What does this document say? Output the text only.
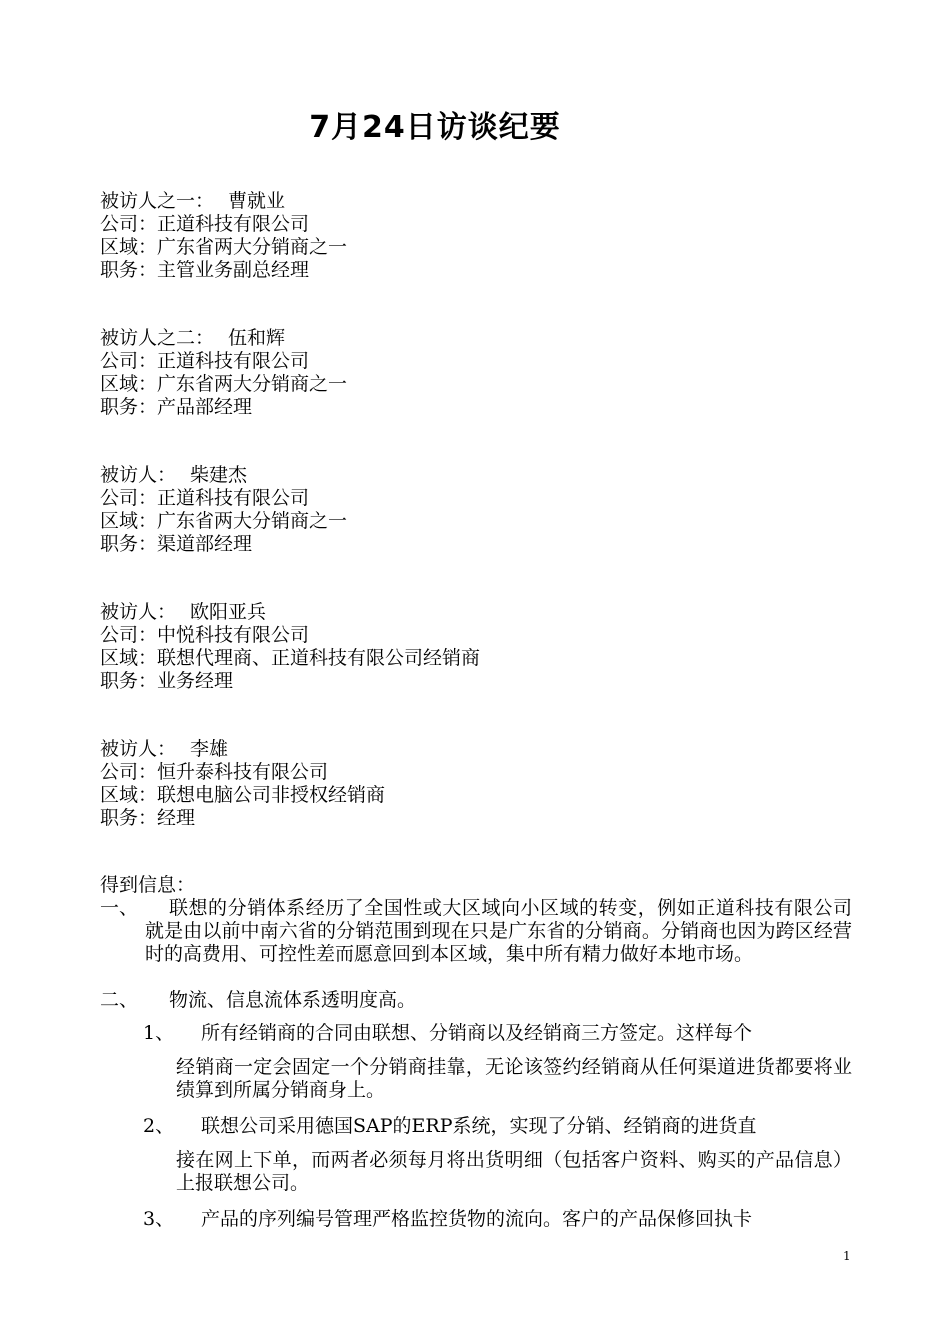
7月24日访谈纪要
被访人之一： 曹就业
公司：正道科技有限公司
区域：广东省两大分销商之一
职务：主管业务副总经理
被访人之二： 伍和辉
公司：正道科技有限公司
区域：广东省两大分销商之一
职务：产品部经理
被访人： 柴建杰
公司：正道科技有限公司
区域：广东省两大分销商之一
职务：渠道部经理
被访人： 欧阳亚兵
公司：中悦科技有限公司
区域：联想代理商、正道科技有限公司经销商
职务：业务经理
被访人： 李雄
公司：恒升泰科技有限公司
区域：联想电脑公司非授权经销商
职务：经理
得到信息：
一、	联想的分销体系经历了全国性或大区域向小区域的转变，例如正道科技有限公司就是由以前中南六省的分销范围到现在只是广东省的分销商。分销商也因为跨区经营时的高费用、可控性差而愿意回到本区域，集中所有精力做好本地市场。
二、	物流、信息流体系透明度高。
1、	所有经销商的合同由联想、分销商以及经销商三方签定。这样每个
经销商一定会固定一个分销商挂靠，无论该签约经销商从任何渠道进货都要将业绩算到所属分销商身上。
2、	联想公司采用德国SAP的ERP系统，实现了分销、经销商的进货直
接在网上下单，而两者必须每月将出货明细（包括客户资料、购买的产品信息）上报联想公司。
3、	产品的序列编号管理严格监控货物的流向。客户的产品保修回执卡
1
